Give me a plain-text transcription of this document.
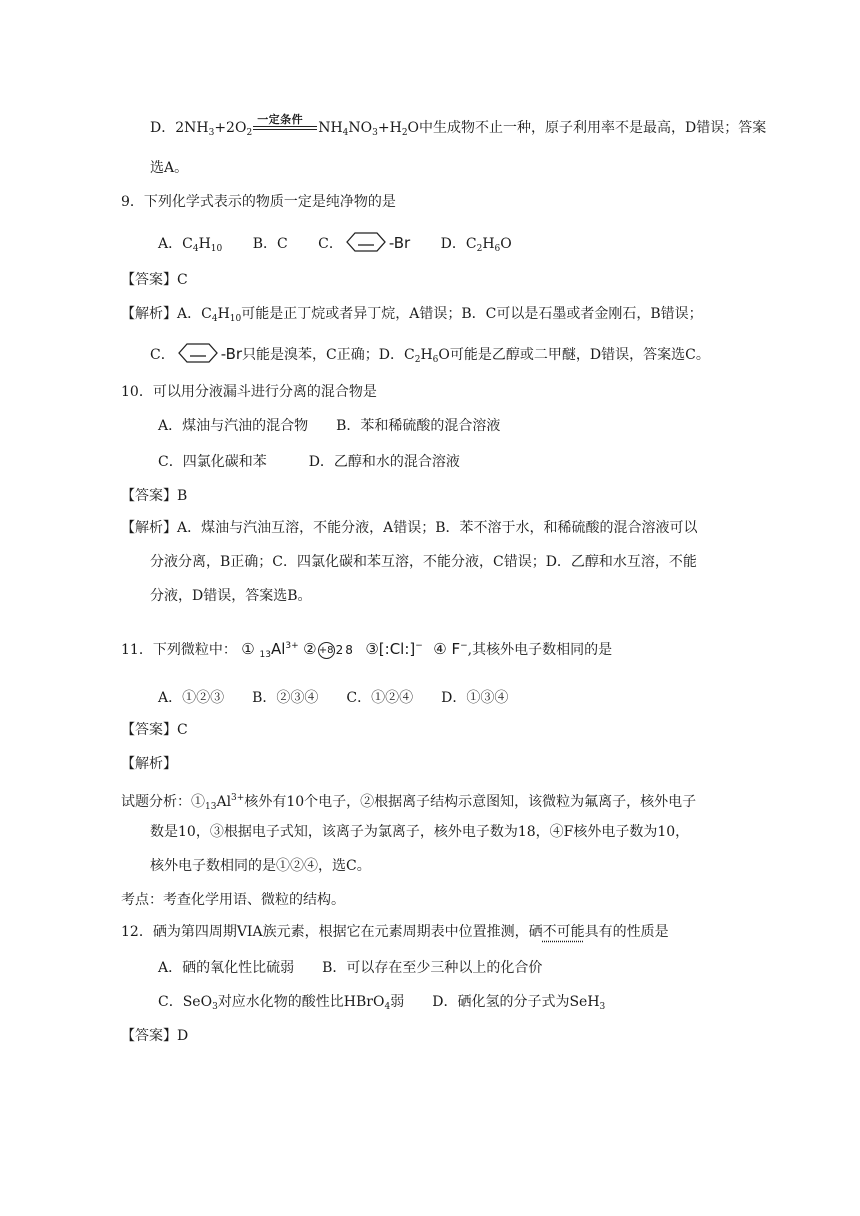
D．$2NH_3+2O_2$
一定条件
$NH_4NO_3+H_2O$中生成物不止一种，原子利用率不是最高，D错误；答案
选A。
9．下列化学式表示的物质一定是纯净物的是
A．$C_4H_{10}$ B．C C．	-Br D．$C_2H_6O$
【答案】C
【解析】A．$C_4H_{10}$可能是正丁烷或者异丁烷，A错误；B．C可以是石墨或者金刚石，B错误；
C．	-Br只能是溴苯，C正确；D．$C_2H_6O$可能是乙醇或二甲醚，D错误，答案选C。
10．可以用分液漏斗进行分离的混合物是
A．煤油与汽油的混合物　　B．苯和稀硫酸的混合溶液
C．四氯化碳和苯　　　D．乙醇和水的混合溶液
【答案】B
【解析】A．煤油与汽油互溶，不能分液，A错误；B．苯不溶于水，和稀硫酸的混合溶液可以
分液分离，B正确；C．四氯化碳和苯互溶，不能分液，C错误；D．乙醇和水互溶，不能
分液，D错误，答案选B。
11．下列微粒中： ① $_{13}Al^{3+}$ ② +8 2 8 ③[:Cl:]− ④ F−,其核外电子数相同的是
A．①②③　　B．②③④　　C．①②④　　D．①③④
【答案】C
【解析】
试题分析：$①_{13}Al^{3+}$核外有10个电子，②根据离子结构示意图知，该微粒为氟离子，核外电子
数是10，③根据电子式知，该离子为氯离子，核外电子数为18，④F核外电子数为10，
核外电子数相同的是①②④，选C。
考点：考查化学用语、微粒的结构。
12．硒为第四周期VIA族元素，根据它在元素周期表中位置推测，硒不可能具有的性质是
A．硒的氧化性比硫弱　　B．可以存在至少三种以上的化合价
C．SeO$_3$对应水化物的酸性比HBrO$_4$弱　　D．硒化氢的分子式为SeH$_3$
【答案】D
